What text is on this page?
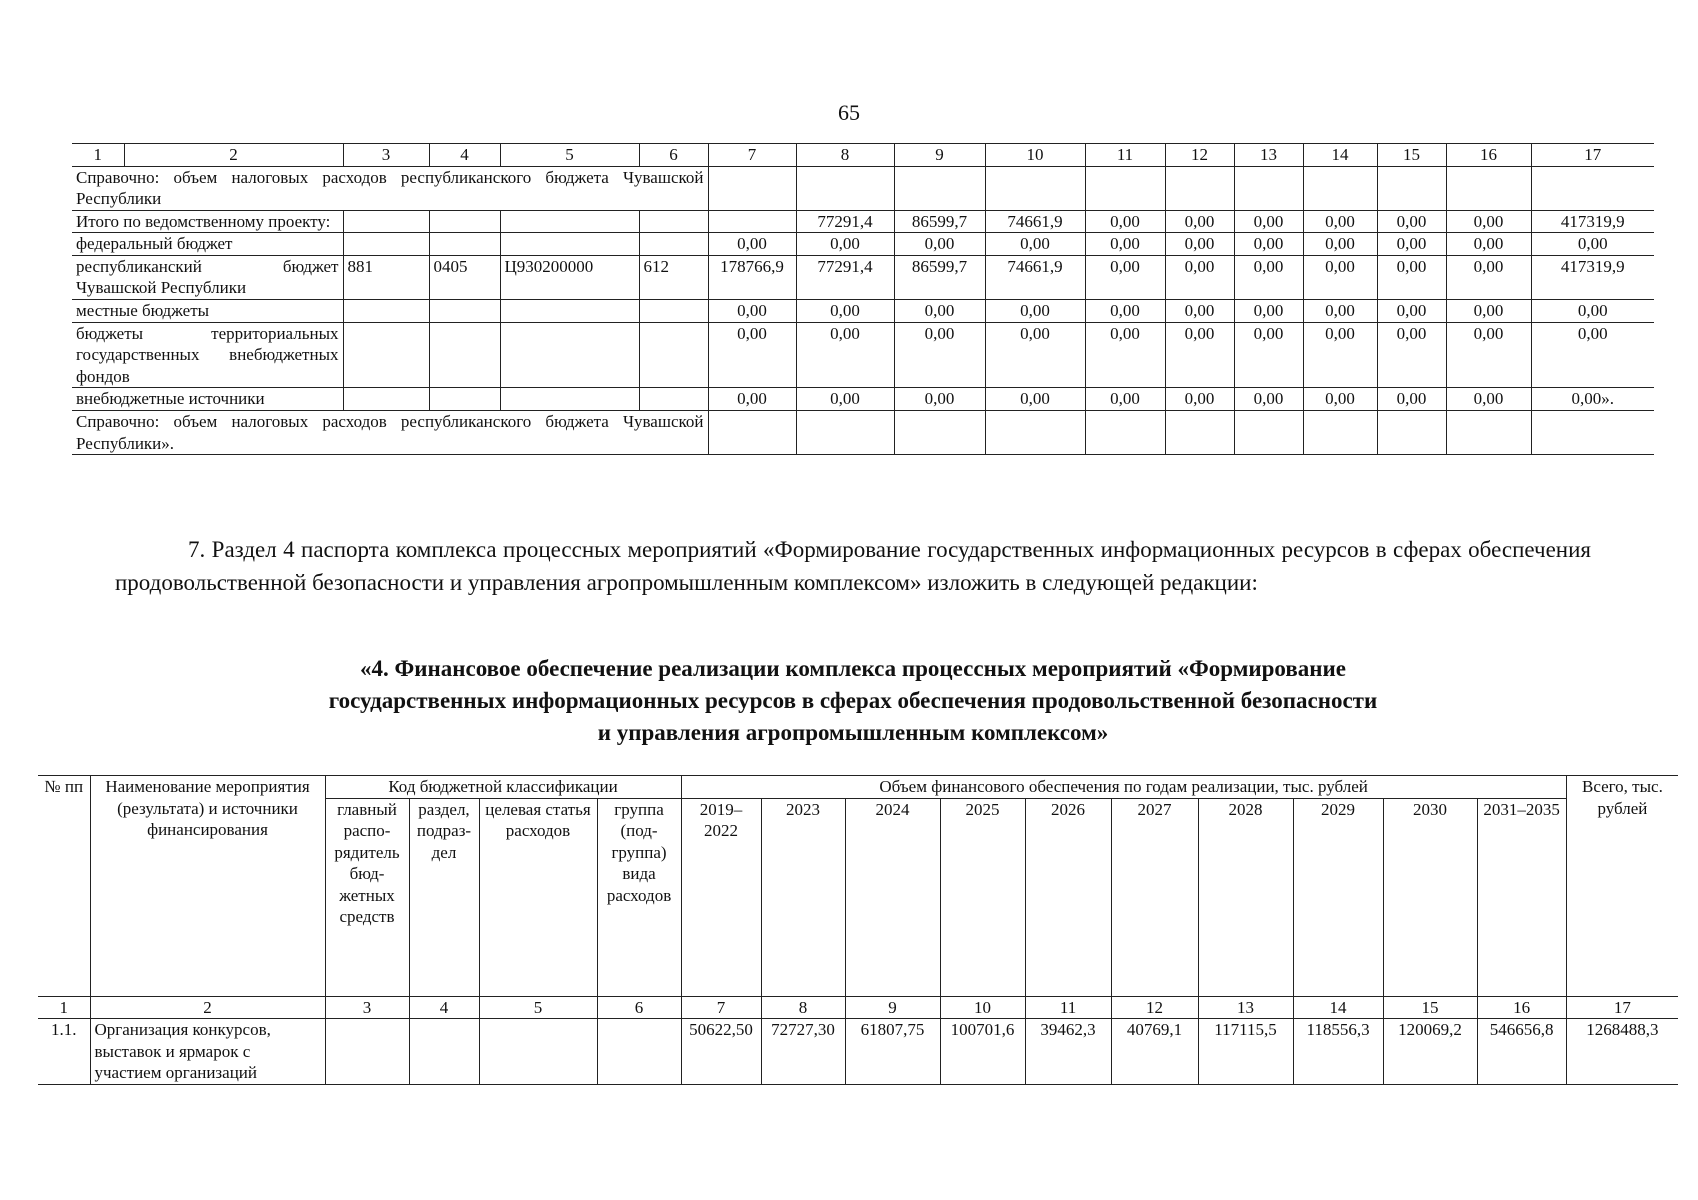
65
1	2	3	4	5	6	7	8	9	10	11	12	13	14	15	16	17
Справочно: объем налоговых расходов республиканского бюджета Чувашской Республики																
Итого по ведомственному проекту:							77291,4	86599,7	74661,9	0,00	0,00	0,00	0,00	0,00	0,00	417319,9
федеральный бюджет						0,00	0,00	0,00	0,00	0,00	0,00	0,00	0,00	0,00	0,00	0,00
республиканский бюджет Чувашской Республики		881	0405	Ц930200000	612	178766,9	77291,4	86599,7	74661,9	0,00	0,00	0,00	0,00	0,00	0,00	417319,9
местные бюджеты						0,00	0,00	0,00	0,00	0,00	0,00	0,00	0,00	0,00	0,00	0,00
бюджеты территориальных государственных внебюджетных фондов						0,00	0,00	0,00	0,00	0,00	0,00	0,00	0,00	0,00	0,00	0,00
внебюджетные источники						0,00	0,00	0,00	0,00	0,00	0,00	0,00	0,00	0,00	0,00	0,00».
Справочно: объем налоговых расходов республиканского бюджета Чувашской Республики».																
7. Раздел 4 паспорта комплекса процессных мероприятий «Формирование государственных информационных ресурсов в сферах обеспечения продовольственной безопасности и управления агропромышленным комплексом» изложить в следующей редакции:
«4. Финансовое обеспечение реализации комплекса процессных мероприятий «Формирование
государственных информационных ресурсов в сферах обеспечения продовольственной безопасности
и управления агропромышленным комплексом»
№ пп	Наименование мероприятия (результата) и источники финансирования	Код бюджетной классификации				Объем финансового обеспечения по годам реализации, тыс. рублей										Всего, тыс. рублей
		главный распорядитель бюджетных средств	раздел, подраздел	целевая статья расходов	группа (подгруппа) вида расходов	2019–2022	2023	2024	2025	2026	2027	2028	2029	2030	2031–2035	
1	2	3	4	5	6	7	8	9	10	11	12	13	14	15	16	17
1.1.	Организация конкурсов, выставок и ярмарок с участием организаций					50622,50	72727,30	61807,75	100701,6	39462,3	40769,1	117115,5	118556,3	120069,2	546656,8	1268488,3
